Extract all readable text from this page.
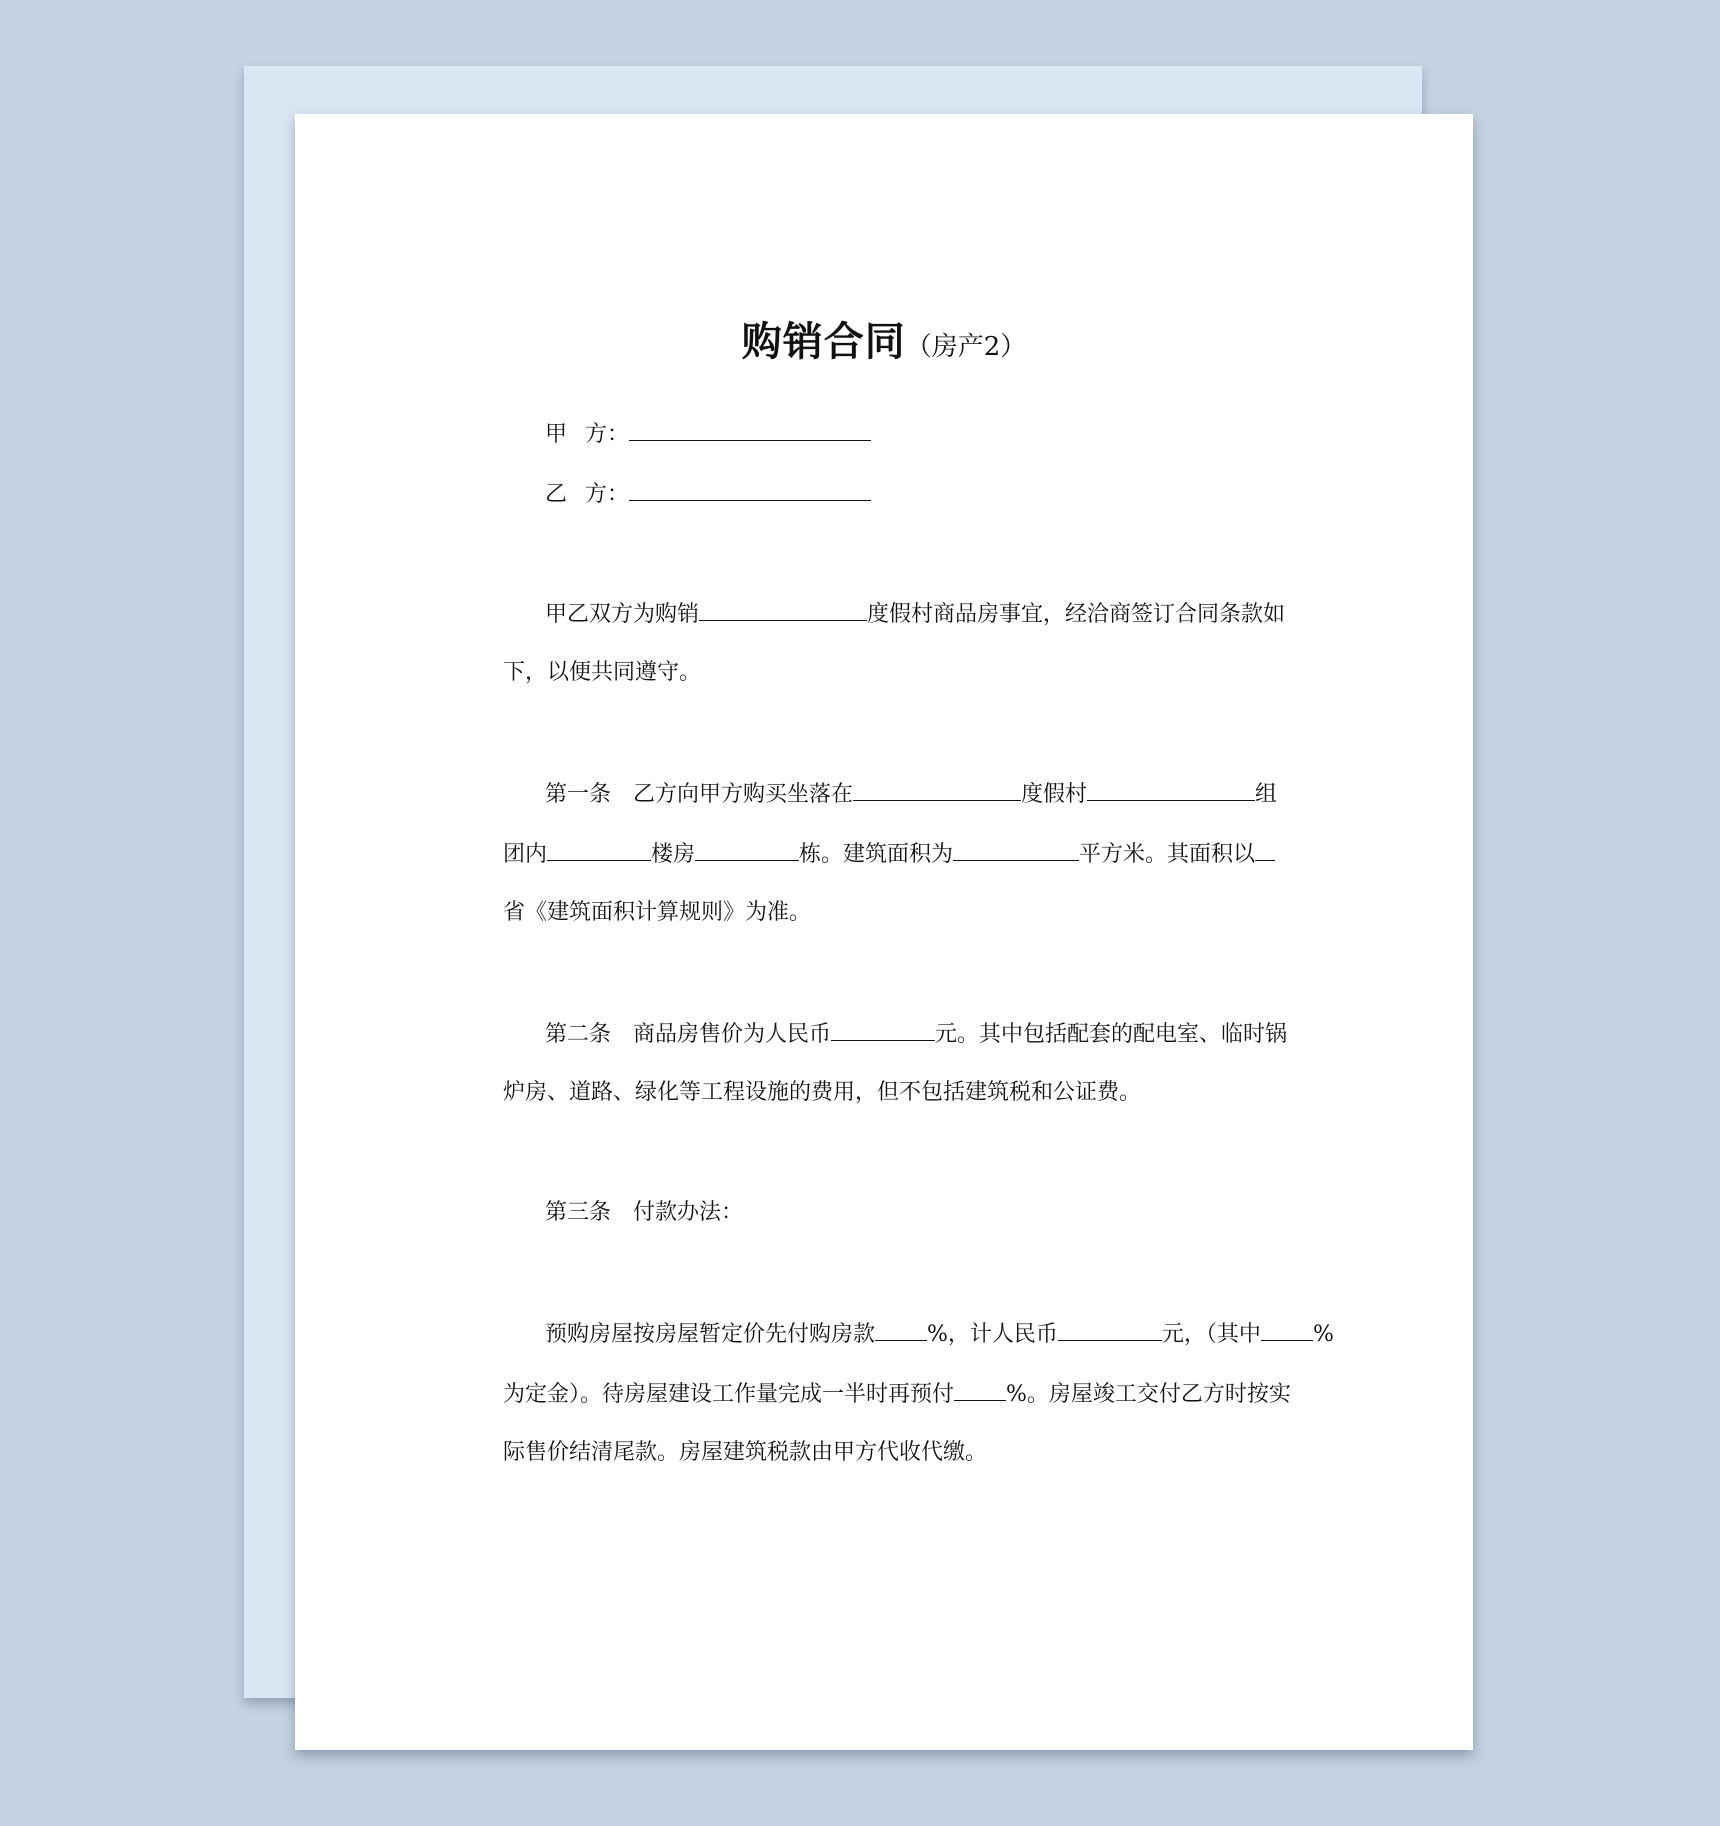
购销合同（房产2）
甲 方：
乙 方：
甲乙双方为购销	度假村商品房事宜，经洽商签订合同条款如
下，以便共同遵守。
第一条　乙方向甲方购买坐落在	度假村	组
团内	楼房	栋。建筑面积为	平方米。其面积以
省《建筑面积计算规则》为准。
第二条　商品房售价为人民币	元。其中包括配套的配电室、临时锅
炉房、道路、绿化等工程设施的费用，但不包括建筑税和公证费。
第三条　付款办法：
预购房屋按房屋暂定价先付购房款 %，计人民币	元，（其中 %
为定金）。待房屋建设工作量完成一半时再预付 %。房屋竣工交付乙方时按实
际售价结清尾款。房屋建筑税款由甲方代收代缴。
